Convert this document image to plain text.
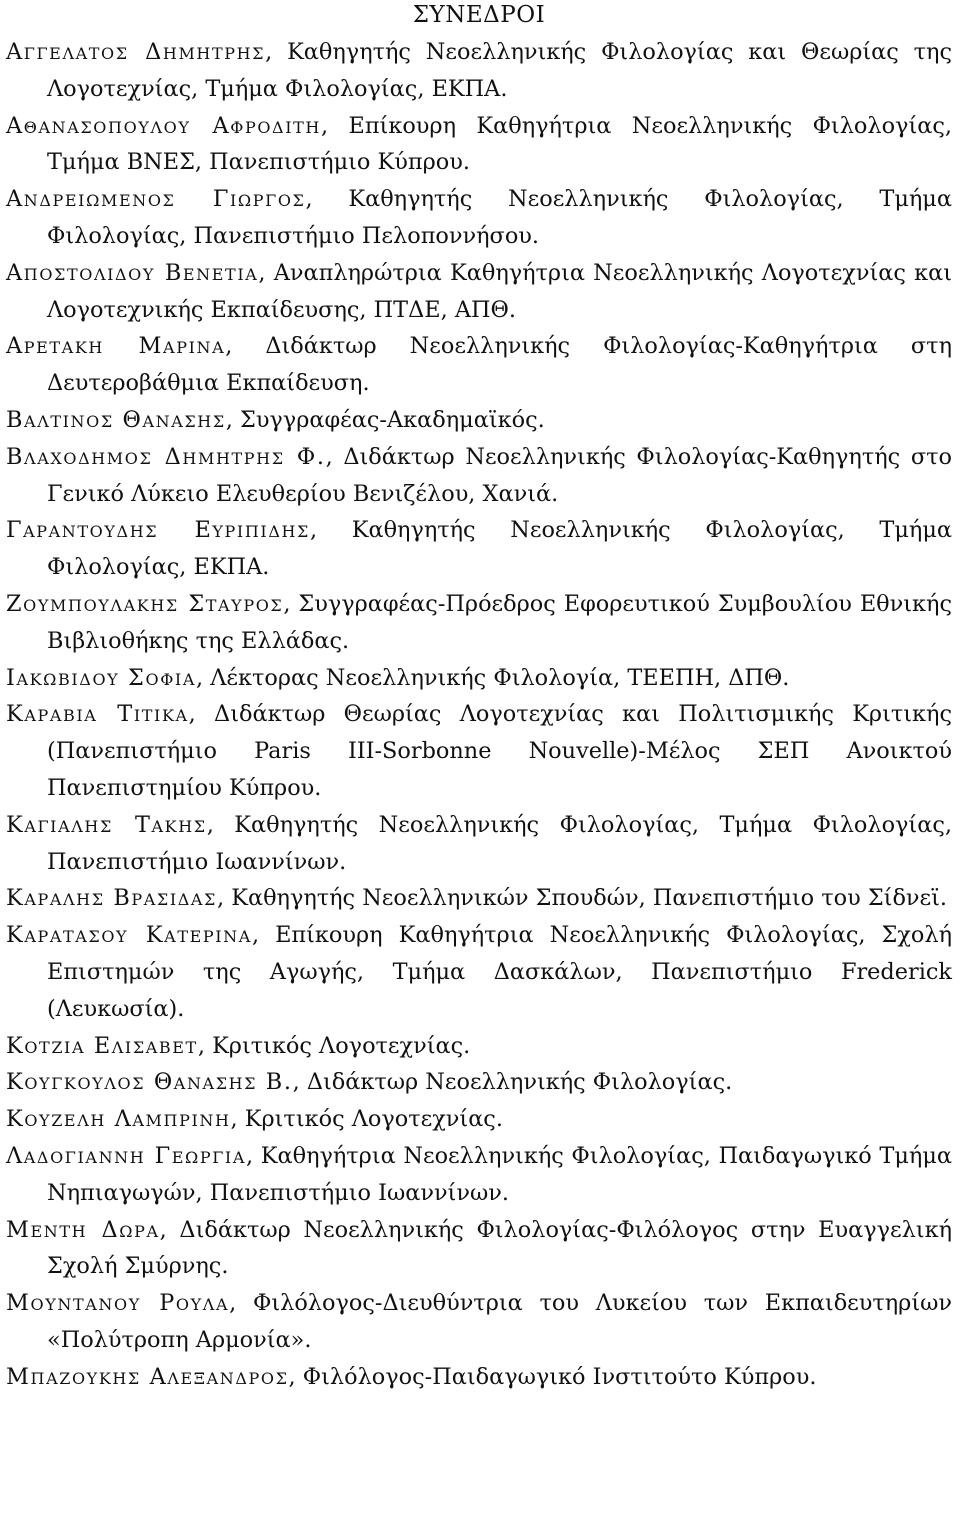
ΣΥΝΕΔΡΟΙ

Αγγελατος Δημητρης, Καθηγητής Νεοελληνικής Φιλολογίας και Θεωρίας της Λογοτεχνίας, Τμήμα Φιλολογίας, ΕΚΠΑ.

Αθανασοπουλου Αφροδιτη, Επίκουρη Καθηγήτρια Νεοελληνικής Φιλολογίας, Τμήμα ΒΝΕΣ, Πανεπιστήμιο Κύπρου.

Ανδρειωμενος Γιωργος, Καθηγητής Νεοελληνικής Φιλολογίας, Τμήμα Φιλολογίας, Πανεπιστήμιο Πελοποννήσου.

Αποστολιδου Βενετια, Αναπληρώτρια Καθηγήτρια Νεοελληνικής Λογοτεχνίας και Λογοτεχνικής Εκπαίδευσης, ΠΤΔΕ, ΑΠΘ.

Αρετακη Μαρινα, Διδάκτωρ Νεοελληνικής Φιλολογίας-Καθηγήτρια στη Δευτεροβάθμια Εκπαίδευση.

Βαλτινος Θανασης, Συγγραφέας-Ακαδημαϊκός.

Βλαχοδημος Δημητρης Φ., Διδάκτωρ Νεοελληνικής Φιλολογίας-Καθηγητής στο Γενικό Λύκειο Ελευθερίου Βενιζέλου, Χανιά.

Γαραντουδης Ευριπιδης, Καθηγητής Νεοελληνικής Φιλολογίας, Τμήμα Φιλολογίας, ΕΚΠΑ.

Ζουμπουλακης Σταυρος, Συγγραφέας-Πρόεδρος Εφορευτικού Συμβουλίου Εθνικής Βιβλιοθήκης της Ελλάδας.

Ιακωβιδου Σοφια, Λέκτορας Νεοελληνικής Φιλολογία, ΤΕΕΠΗ, ΔΠΘ.

Καραβια Τιτικα, Διδάκτωρ Θεωρίας Λογοτεχνίας και Πολιτισμικής Κριτικής (Πανεπιστήμιο Paris III-Sorbonne Nouvelle)-Μέλος ΣΕΠ Ανοικτού Πανεπιστημίου Κύπρου.

Καγιαλης Τακης, Καθηγητής Νεοελληνικής Φιλολογίας, Τμήμα Φιλολογίας, Πανεπιστήμιο Ιωαννίνων.

Καραλης Βρασιδας, Καθηγητής Νεοελληνικών Σπουδών, Πανεπιστήμιο του Σίδνεϊ.

Καραταςου Κατερινα, Επίκουρη Καθηγήτρια Νεοελληνικής Φιλολογίας, Σχολή Επιστημών της Αγωγής, Τμήμα Δασκάλων, Πανεπιστήμιο Frederick (Λευκωσία).

Κοτζια Ελισαβετ, Κριτικός Λογοτεχνίας.

Κουγκουλος Θανασης Β., Διδάκτωρ Νεοελληνικής Φιλολογίας.

Κουζελη Λαμπρινη, Κριτικός Λογοτεχνίας.

Λαδογιαννη Γεωργια, Καθηγήτρια Νεοελληνικής Φιλολογίας, Παιδαγωγικό Τμήμα Νηπιαγωγών, Πανεπιστήμιο Ιωαννίνων.

Μεντη Δωρα, Διδάκτωρ Νεοελληνικής Φιλολογίας-Φιλόλογος στην Ευαγγελική Σχολή Σμύρνης.

Μουντανου Ρουλα, Φιλόλογος-Διευθύντρια του Λυκείου των Εκπαιδευτηρίων «Πολύτροπη Αρμονία».

Μπαζουκης Αλεξανδρος, Φιλόλογος-Παιδαγωγικό Ινστιτούτο Κύπρου.
